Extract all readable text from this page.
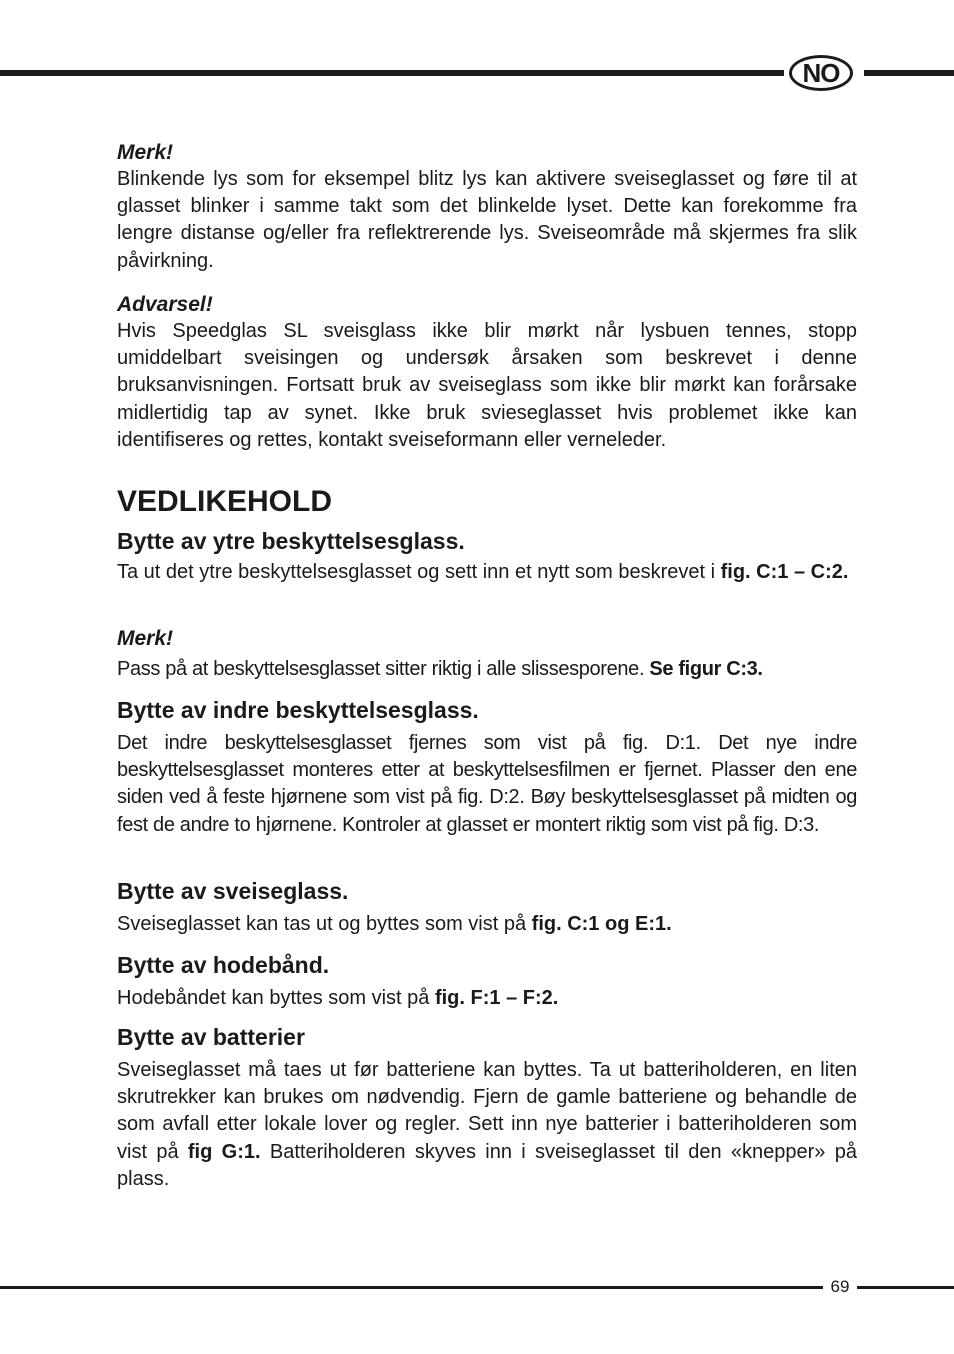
NO

Merk!

Blinkende lys som for eksempel blitz lys kan aktivere sveiseglasset og føre til at glasset blinker i samme takt som det blinkelde lyset. Dette kan forekomme fra lengre distanse og/eller fra reflektrerende lys. Sveiseområde må skjermes fra slik påvirkning.

Advarsel!

Hvis Speedglas SL sveisglass ikke blir mørkt når lysbuen tennes, stopp umiddelbart sveisingen og undersøk årsaken som beskrevet i denne bruksanvisningen. Fortsatt bruk av sveiseglass som ikke blir mørkt kan forårsake midlertidig tap av synet. Ikke bruk svieseglasset hvis problemet ikke kan identifiseres og rettes, kontakt sveiseformann eller verneleder.

VEDLIKEHOLD
Bytte av ytre beskyttelsesglass.

Ta ut det ytre beskyttelsesglasset og sett inn et nytt som beskrevet i fig. C:1 – C:2.

Merk!

Pass på at beskyttelsesglasset sitter riktig i alle slissesporene. Se figur C:3.

Bytte av indre beskyttelsesglass.

Det indre beskyttelsesglasset fjernes som vist på fig. D:1. Det nye indre beskyttelsesglasset monteres etter at beskyttelsesfilmen er fjernet. Plasser den ene siden ved å feste hjørnene som vist på fig. D:2. Bøy beskyttelsesglasset på midten og fest de andre to hjørnene. Kontroler at glasset er montert riktig som vist på fig. D:3.

Bytte av sveiseglass.

Sveiseglasset kan tas ut og byttes som vist på fig. C:1 og E:1.

Bytte av hodebånd.

Hodebåndet kan byttes som vist på fig. F:1 – F:2.

Bytte av batterier

Sveiseglasset må taes ut før batteriene kan byttes. Ta ut batteriholderen, en liten skrutrekker kan brukes om nødvendig. Fjern de gamle batteriene og behandle de som avfall etter lokale lover og regler. Sett inn nye batterier i batteriholderen som vist på fig G:1. Batteriholderen skyves inn i sveiseglasset til den «knepper» på plass.

69
